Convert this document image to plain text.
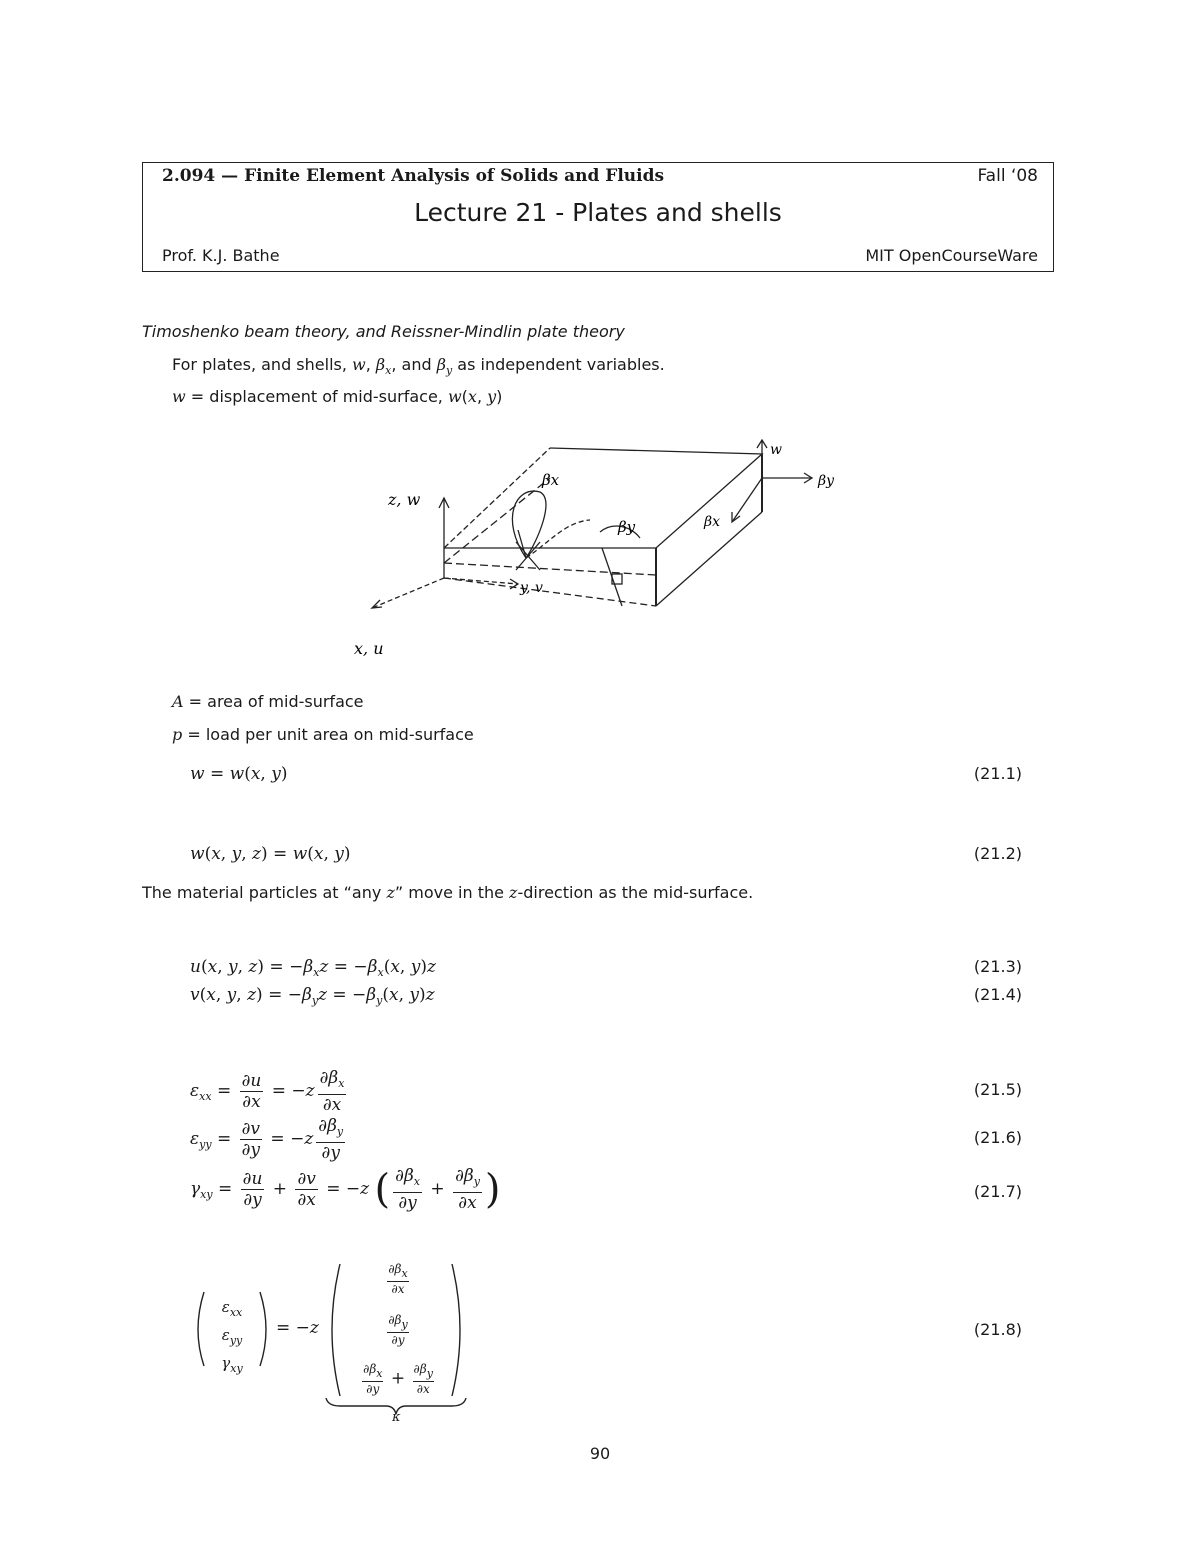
2.094 — Finite Element Analysis of Solids and Fluids	Fall ‘08
Lecture 21 - Plates and shells
Prof. K.J. Bathe	MIT OpenCourseWare
Timoshenko beam theory, and Reissner-Mindlin plate theory
For plates, and shells, w, $\beta_x$, and $\beta_y$ as independent variables.
w = displacement of mid-surface, w(x, y)
z, w
x, u
y, v
βx
βy
w
βy
βx
A = area of mid-surface
p = load per unit area on mid-surface
w = w(x, y)	(21.1)
w(x, y, z) = w(x, y)	(21.2)
The material particles at “any z” move in the z-direction as the mid-surface.
u(x, y, $z) = -\beta_xz = -\beta_x(x$, y)z	(21.3)
v(x, y, $z) = -\beta_yz = -\beta_y(x$, y)z	(21.4)
$\varepsilon_{xx} = \frac{\partial u}{\partial x} = -z \frac{\partial\beta_x}{\partial x}$	(21.5)
$\varepsilon_{yy} = \frac{\partial v}{\partial y} = -z \frac{\partial\beta_y}{\partial y}$	(21.6)
$\gamma_{xy} = \frac{\partial u}{\partial y} + \frac{\partial v}{\partial x} = -z$ ( $\frac{\partial\beta_x}{\partial y} + \frac{\partial\beta_y}{\partial x}$ )	(21.7)
$\varepsilon_{xx}$
$\varepsilon_{yy}$
$\gamma_{xy}$
= −z
$\frac{\partial\beta_x}{\partial x}$
$\frac{\partial\beta_y}{\partial y}$
$\frac{\partial\beta_x}{\partial y} + \frac{\partial\beta_y}{\partial x}$
κ
(21.8)
90
